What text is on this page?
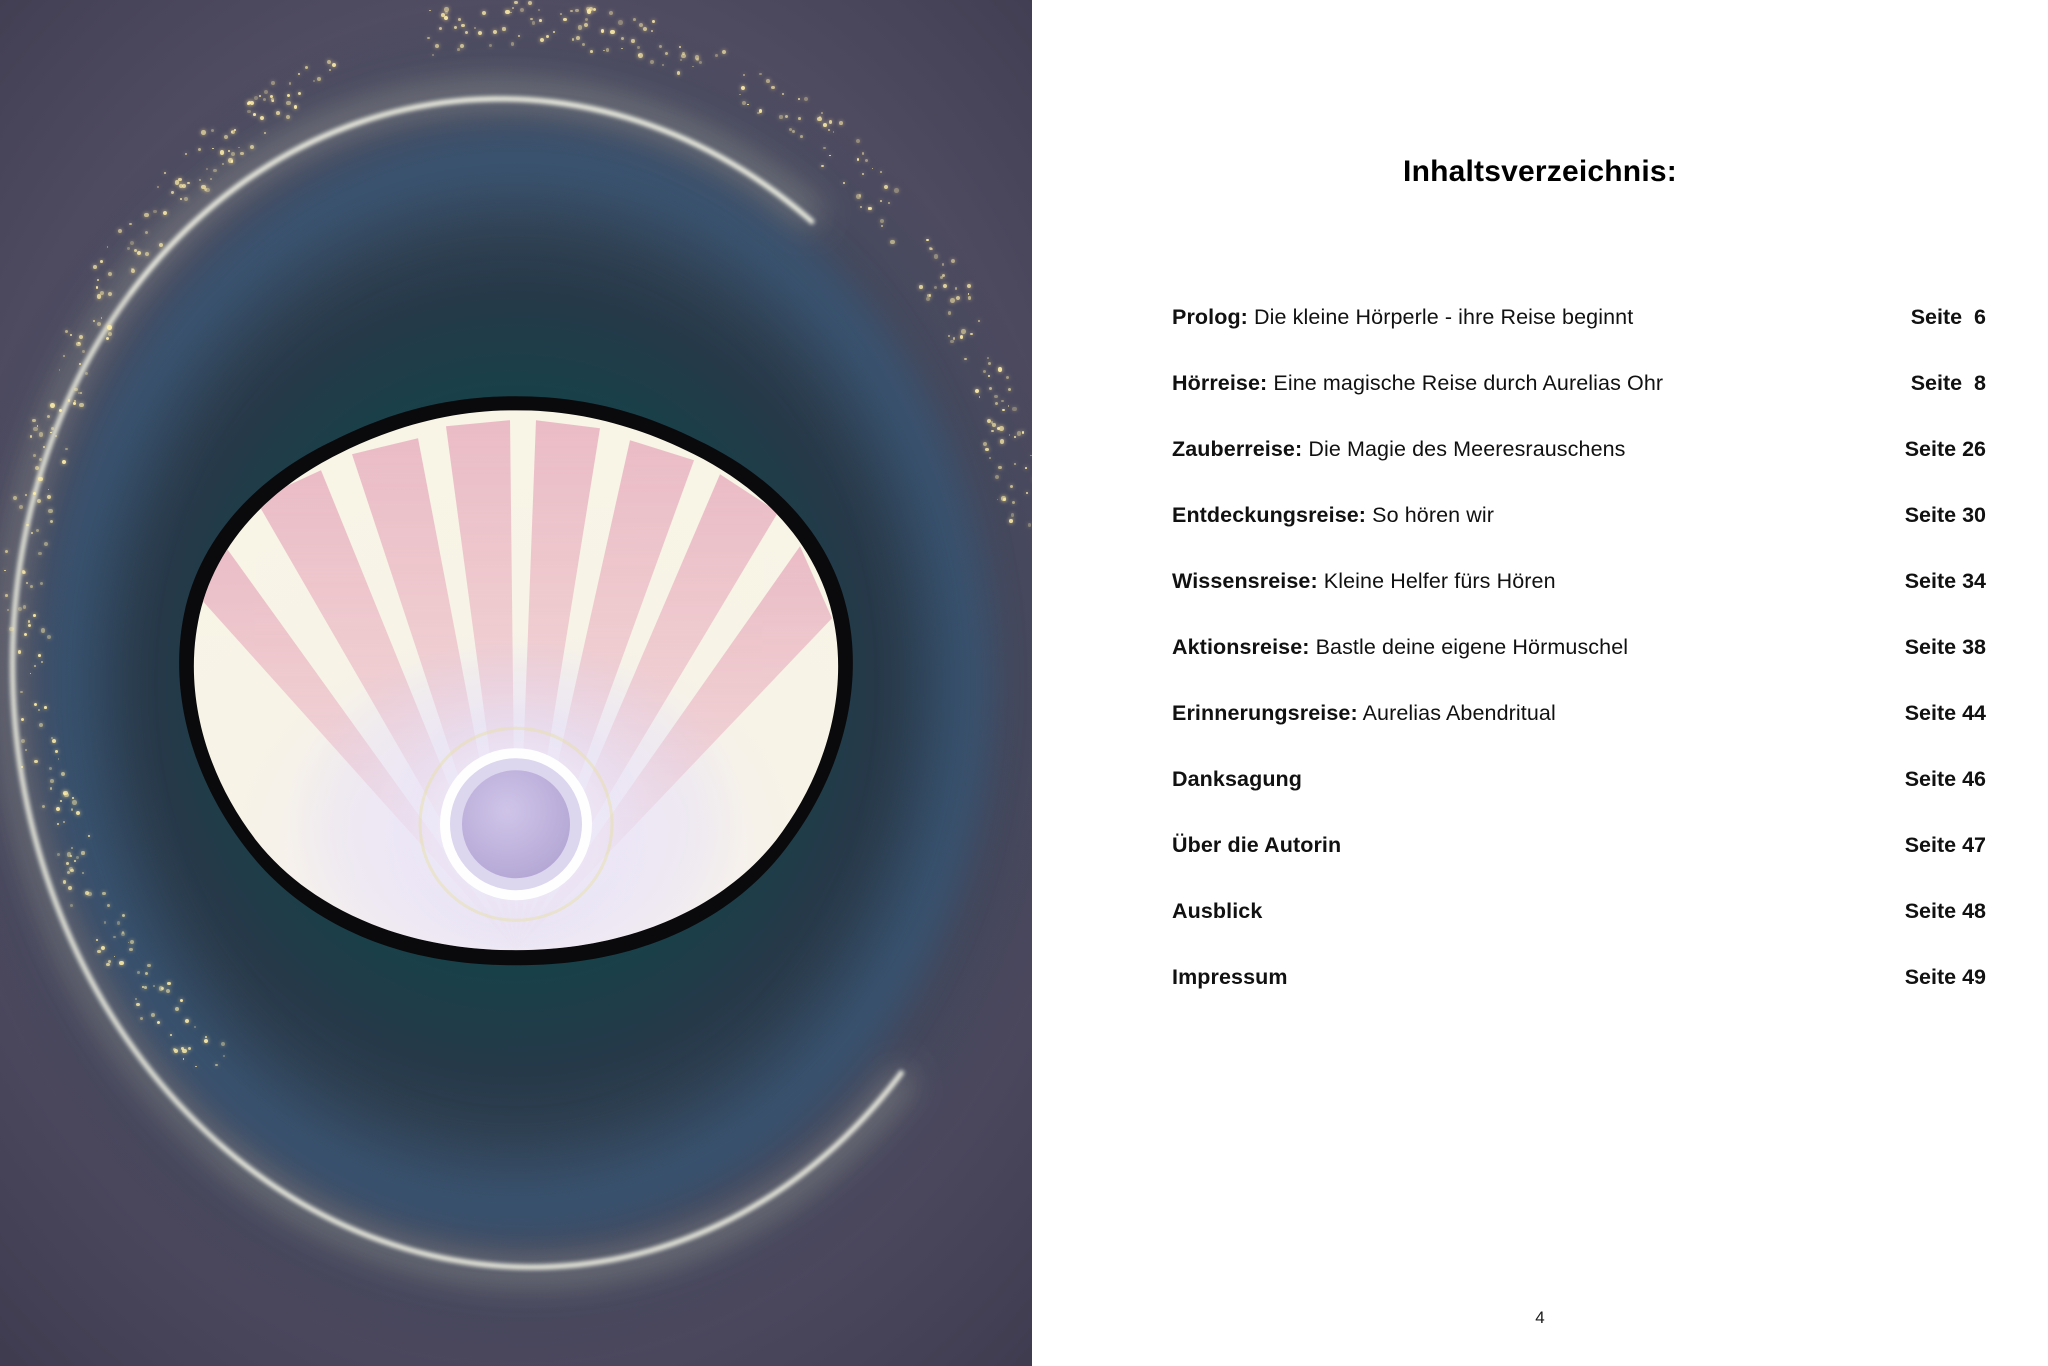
Inhaltsverzeichnis:
Prolog: Die kleine Hörperle - ihre Reise beginnt	Seite 6
Hörreise: Eine magische Reise durch Aurelias Ohr	Seite 8
Zauberreise: Die Magie des Meeresrauschens	Seite 26
Entdeckungsreise: So hören wir	Seite 30
Wissensreise: Kleine Helfer fürs Hören	Seite 34
Aktionsreise: Bastle deine eigene Hörmuschel	Seite 38
Erinnerungsreise: Aurelias Abendritual	Seite 44
Danksagung	Seite 46
Über die Autorin	Seite 47
Ausblick	Seite 48
Impressum	Seite 49
4
